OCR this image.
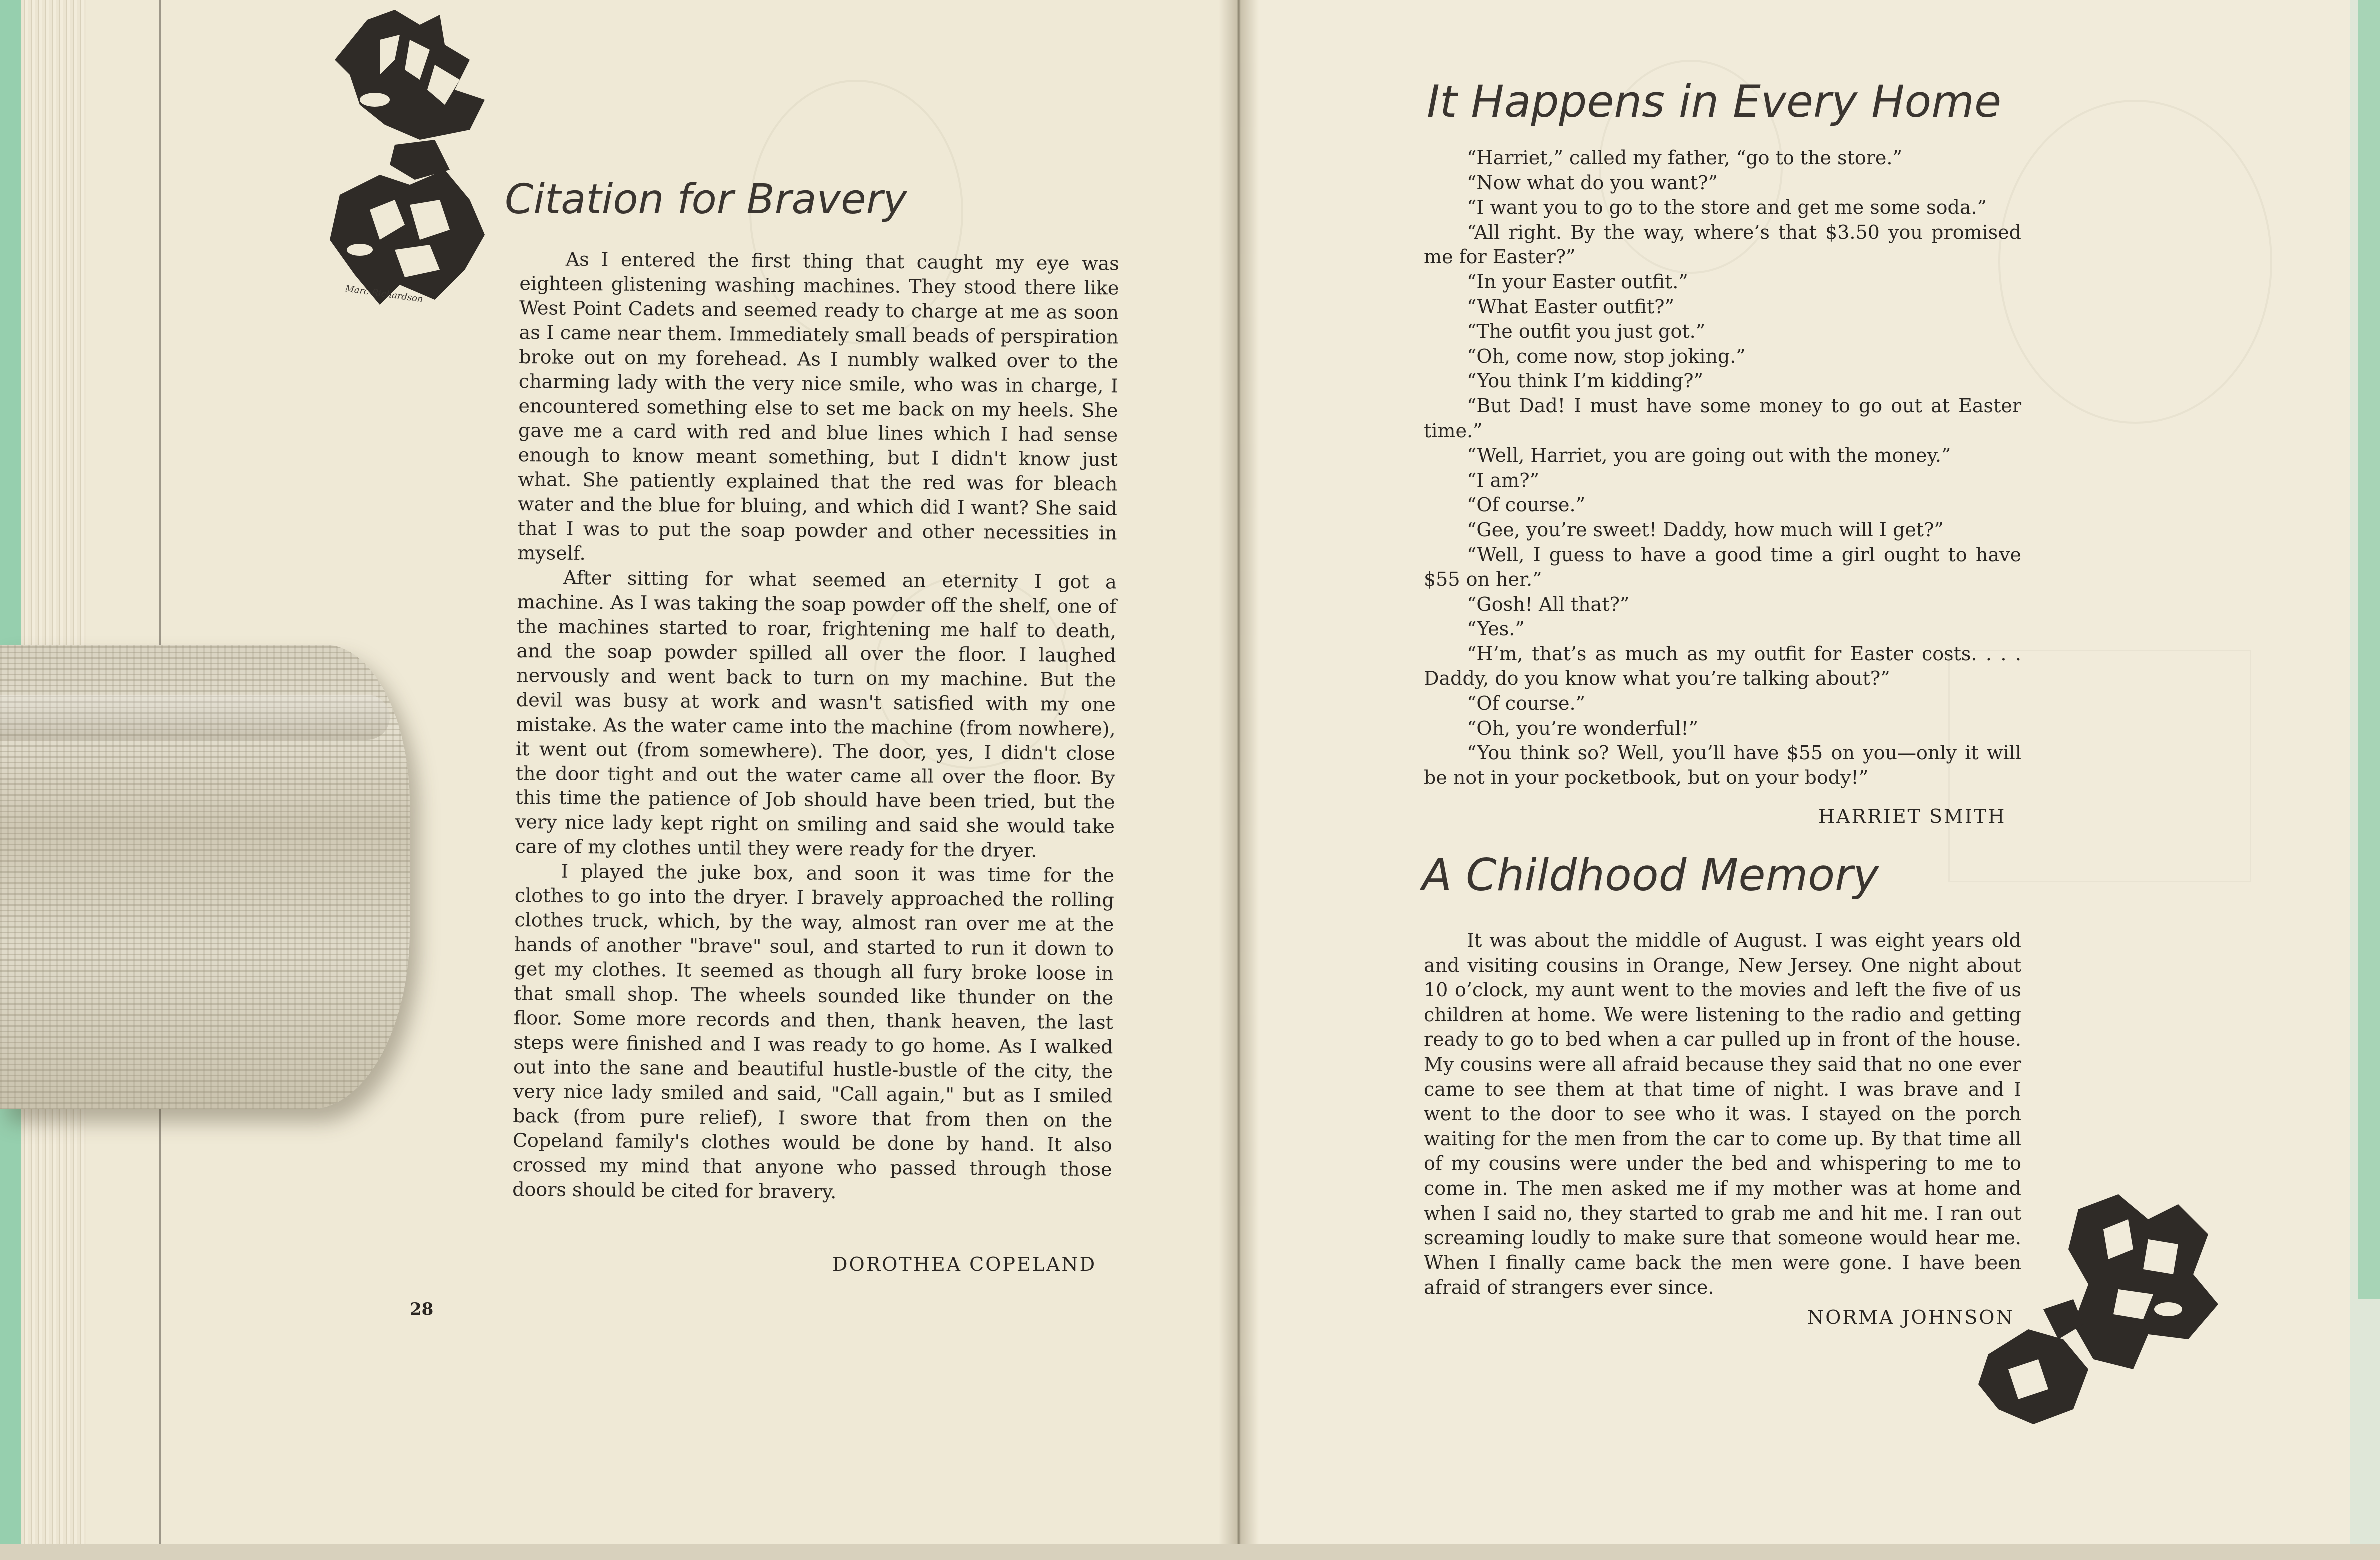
Marc Richardson
Citation for Bravery

As I entered the first thing that caught my eye was eighteen glistening washing machines. They stood there like West Point Cadets and seemed ready to charge at me as soon as I came near them. Immediately small beads of perspiration broke out on my forehead. As I numbly walked over to the charming lady with the very nice smile, who was in charge, I encountered something else to set me back on my heels. She gave me a card with red and blue lines which I had sense enough to know meant something, but I didn't know just what. She patiently explained that the red was for bleach water and the blue for bluing, and which did I want? She said that I was to put the soap powder and other necessities in myself.

After sitting for what seemed an eternity I got a machine. As I was taking the soap powder off the shelf, one of the machines started to roar, frightening me half to death, and the soap powder spilled all over the floor. I laughed nervously and went back to turn on my machine. But the devil was busy at work and wasn't satisfied with my one mistake. As the water came into the machine (from nowhere), it went out (from somewhere). The door, yes, I didn't close the door tight and out the water came all over the floor. By this time the patience of Job should have been tried, but the very nice lady kept right on smiling and said she would take care of my clothes until they were ready for the dryer.

I played the juke box, and soon it was time for the clothes to go into the dryer. I bravely approached the rolling clothes truck, which, by the way, almost ran over me at the hands of another "brave" soul, and started to run it down to get my clothes. It seemed as though all fury broke loose in that small shop. The wheels sounded like thunder on the floor. Some more records and then, thank heaven, the last steps were finished and I was ready to go home. As I walked out into the sane and beautiful hustle-bustle of the city, the very nice lady smiled and said, "Call again," but as I smiled back (from pure relief), I swore that from then on the Copeland family's clothes would be done by hand. It also crossed my mind that anyone who passed through those doors should be cited for bravery.

DOROTHEA COPELAND
28
It Happens in Every Home

“Harriet,” called my father, “go to the store.”

“Now what do you want?”

“I want you to go to the store and get me some soda.”

“All right. By the way, where’s that $3.50 you promised me for Easter?”

“In your Easter outfit.”

“What Easter outfit?”

“The outfit you just got.”

“Oh, come now, stop joking.”

“You think I’m kidding?”

“But Dad! I must have some money to go out at Easter time.”

“Well, Harriet, you are going out with the money.”

“I am?”

“Of course.”

“Gee, you’re sweet! Daddy, how much will I get?”

“Well, I guess to have a good time a girl ought to have $55 on her.”

“Gosh! All that?”

“Yes.”

“H’m, that’s as much as my outfit for Easter costs. . . . Daddy, do you know what you’re talking about?”

“Of course.”

“Oh, you’re wonderful!”

“You think so? Well, you’ll have $55 on you—only it will be not in your pocketbook, but on your body!”

HARRIET SMITH
A Childhood Memory

It was about the middle of August. I was eight years old and visiting cousins in Orange, New Jersey. One night about 10 o’clock, my aunt went to the movies and left the five of us children at home. We were listening to the radio and getting ready to go to bed when a car pulled up in front of the house. My cousins were all afraid because they said that no one ever came to see them at that time of night. I was brave and I went to the door to see who it was. I stayed on the porch waiting for the men from the car to come up. By that time all of my cousins were under the bed and whispering to me to come in. The men asked me if my mother was at home and when I said no, they started to grab me and hit me. I ran out screaming loudly to make sure that someone would hear me. When I finally came back the men were gone. I have been afraid of strangers ever since.

NORMA JOHNSON
